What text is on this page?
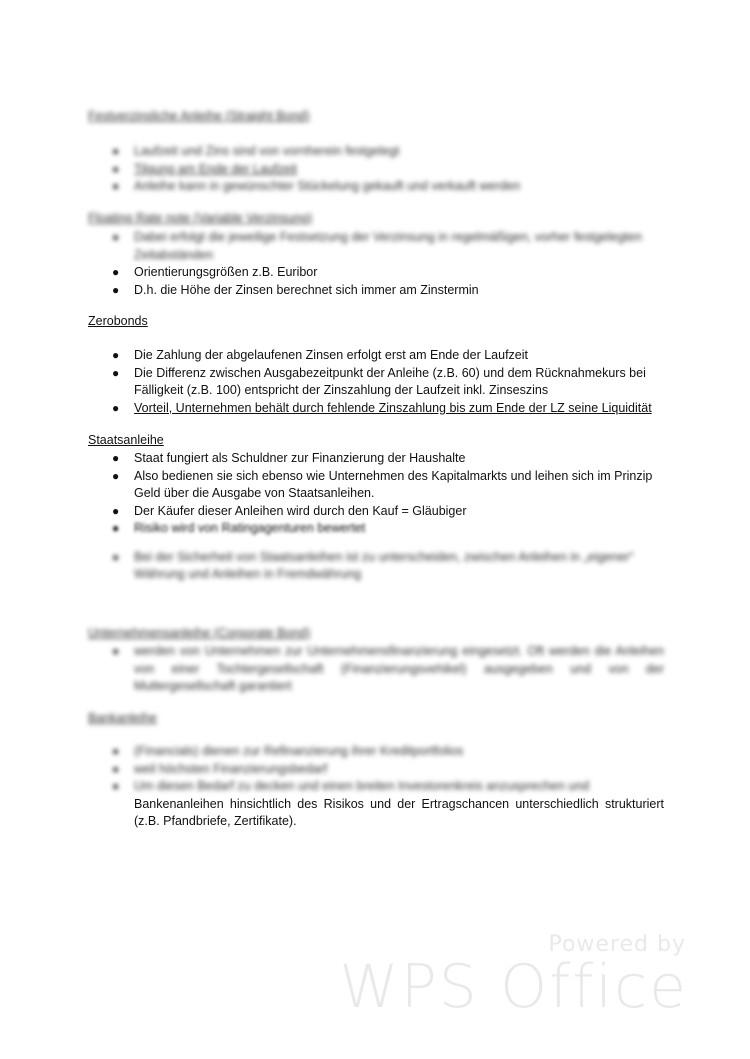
Festverzinsliche Anleihe (Straight Bond)
● Laufzeit und Zins sind von vornherein festgelegt
● Tilgung am Ende der Laufzeit
● Anleihe kann in gewünschter Stückelung gekauft und verkauft werden
Floating Rate note (Variable Verzinsung)
● Dabei erfolgt die jeweilige Festsetzung der Verzinsung in regelmäßigen, vorher festgelegten Zeitabständen
● Orientierungsgrößen z.B. Euribor
● D.h. die Höhe der Zinsen berechnet sich immer am Zinstermin
Zerobonds
● Die Zahlung der abgelaufenen Zinsen erfolgt erst am Ende der Laufzeit
● Die Differenz zwischen Ausgabezeitpunkt der Anleihe (z.B. 60) und dem Rücknahmekurs bei Fälligkeit (z.B. 100) entspricht der Zinszahlung der Laufzeit inkl. Zinseszins
● Vorteil, Unternehmen behält durch fehlende Zinszahlung bis zum Ende der LZ seine Liquidität
Staatsanleihe
● Staat fungiert als Schuldner zur Finanzierung der Haushalte
● Also bedienen sie sich ebenso wie Unternehmen des Kapitalmarkts und leihen sich im Prinzip Geld über die Ausgabe von Staatsanleihen.
● Der Käufer dieser Anleihen wird durch den Kauf = Gläubiger
● Risiko wird von Ratingagenturen bewertet
● Bei der Sicherheit von Staatsanleihen ist zu unterscheiden, zwischen Anleihen in „eigener“ Währung und Anleihen in Fremdwährung
Unternehmensanleihe (Corporate Bond)
● werden von Unternehmen zur Unternehmensfinanzierung eingesetzt. Oft werden die Anleihen von einer Tochtergesellschaft (Finanzierungsvehikel) ausgegeben und von der Muttergesellschaft garantiert
Bankanleihe
● (Financials) dienen zur Refinanzierung ihrer Kreditportfolios
● weil höchsten Finanzierungsbedarf
● Um diesen Bedarf zu decken und einen breiten Investorenkreis anzusprechen und
Bankenanleihen hinsichtlich des Risikos und der Ertragschancen unterschiedlich strukturiert (z.B. Pfandbriefe, Zertifikate).
Powered by
WPS Office
